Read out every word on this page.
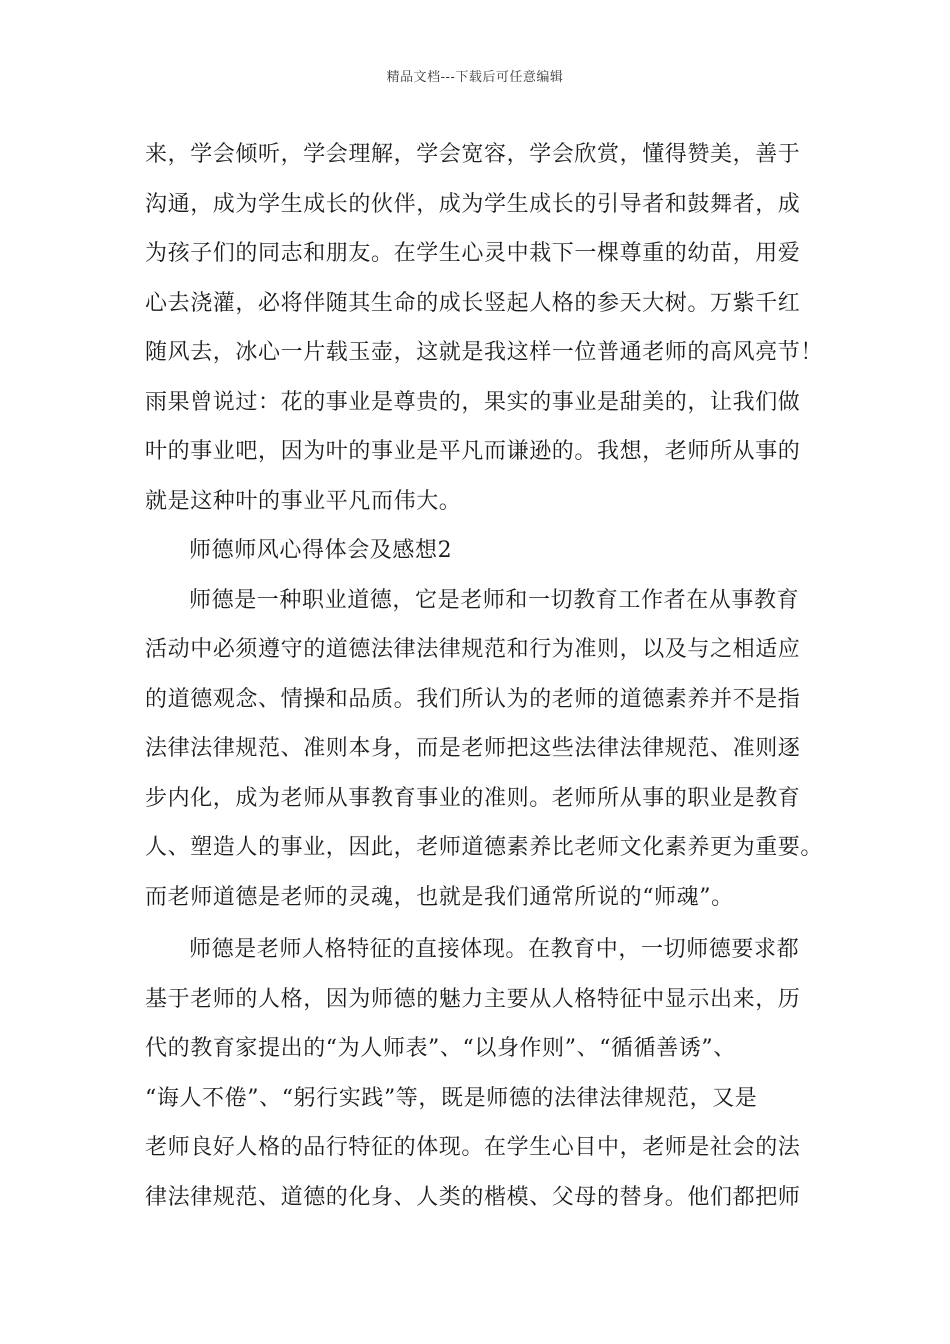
精品文档---下载后可任意编辑
来，学会倾听，学会理解，学会宽容，学会欣赏，懂得赞美，善于
沟通，成为学生成长的伙伴，成为学生成长的引导者和鼓舞者，成
为孩子们的同志和朋友。在学生心灵中栽下一棵尊重的幼苗，用爱
心去浇灌，必将伴随其生命的成长竖起人格的参天大树。万紫千红
随风去，冰心一片载玉壶，这就是我这样一位普通老师的高风亮节！
雨果曾说过：花的事业是尊贵的，果实的事业是甜美的，让我们做
叶的事业吧，因为叶的事业是平凡而谦逊的。我想，老师所从事的
就是这种叶的事业平凡而伟大。
师德师风心得体会及感想2
师德是一种职业道德，它是老师和一切教育工作者在从事教育
活动中必须遵守的道德法律法律规范和行为准则，以及与之相适应
的道德观念、情操和品质。我们所认为的老师的道德素养并不是指
法律法律规范、准则本身，而是老师把这些法律法律规范、准则逐
步内化，成为老师从事教育事业的准则。老师所从事的职业是教育
人、塑造人的事业，因此，老师道德素养比老师文化素养更为重要。
而老师道德是老师的灵魂，也就是我们通常所说的“师魂”。
师德是老师人格特征的直接体现。在教育中，一切师德要求都
基于老师的人格，因为师德的魅力主要从人格特征中显示出来，历
代的教育家提出的“为人师表”、“以身作则”、“循循善诱”、
“诲人不倦”、“躬行实践”等，既是师德的法律法律规范，又是
老师良好人格的品行特征的体现。在学生心目中，老师是社会的法
律法律规范、道德的化身、人类的楷模、父母的替身。他们都把师
